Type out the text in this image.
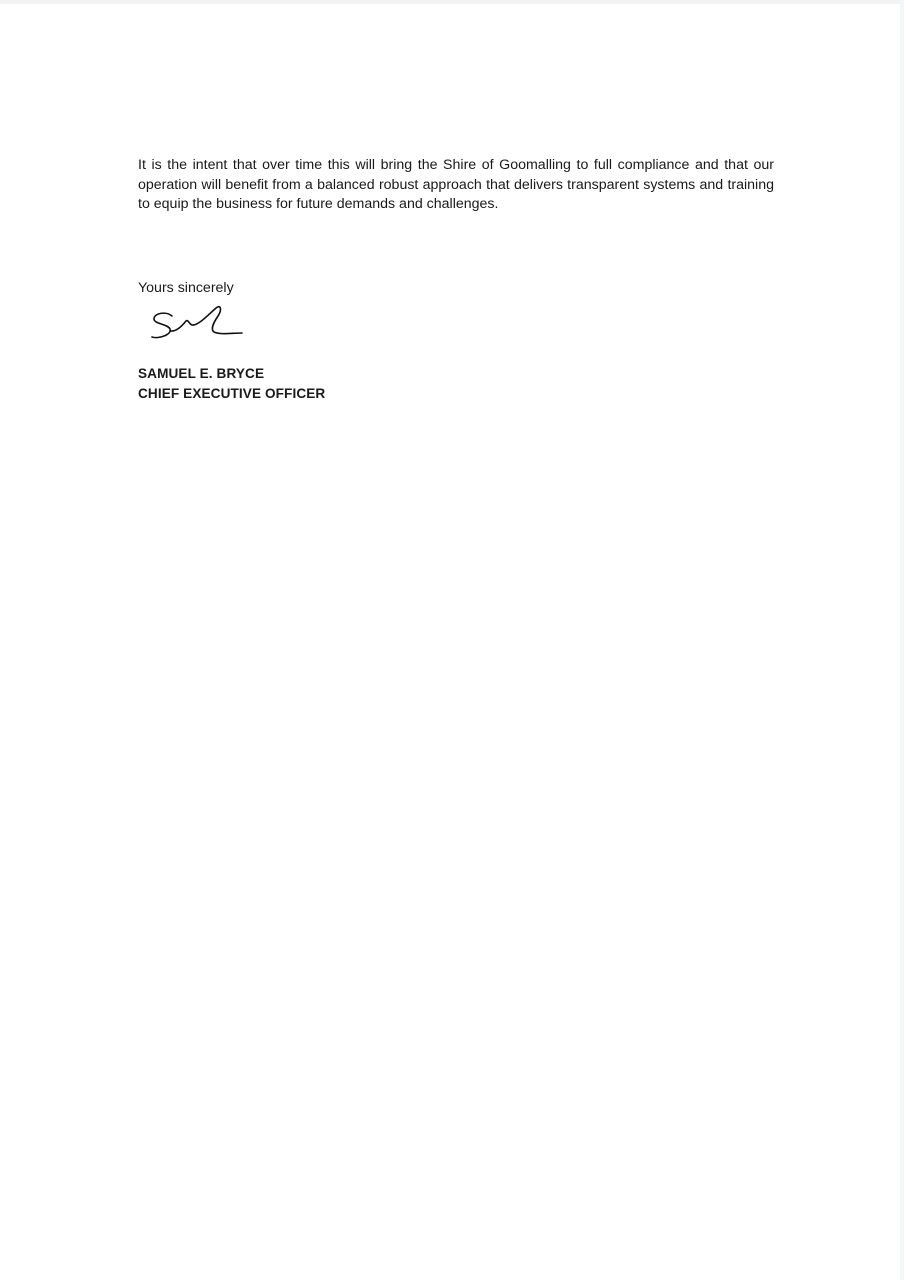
It is the intent that over time this will bring the Shire of Goomalling to full compliance and that our operation will benefit from a balanced robust approach that delivers transparent systems and training to equip the business for future demands and challenges.

Yours sincerely

SAMUEL E. BRYCE

CHIEF EXECUTIVE OFFICER
